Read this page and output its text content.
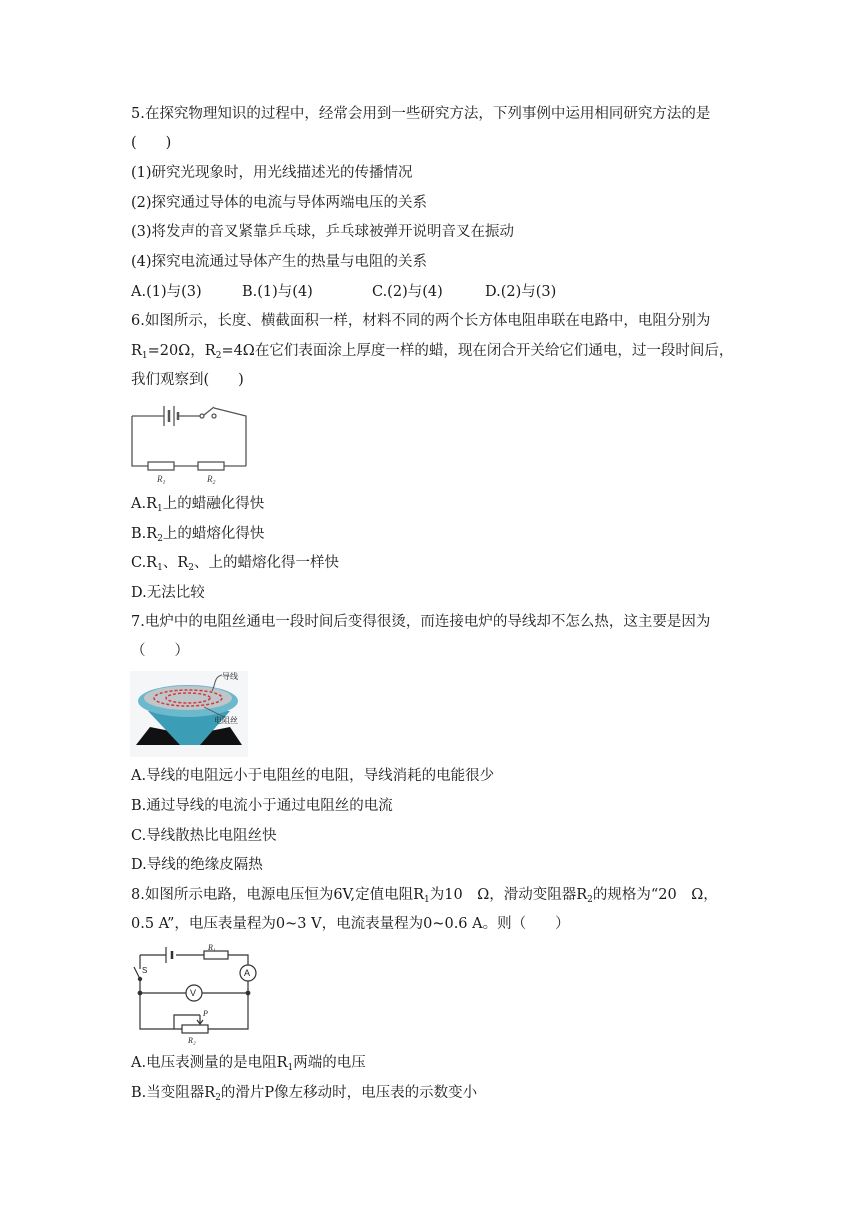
5.在探究物理知识的过程中，经常会用到一些研究方法，下列事例中运用相同研究方法的是
(　　)
(1)研究光现象时，用光线描述光的传播情况
(2)探究通过导体的电流与导体两端电压的关系
(3)将发声的音叉紧靠乒乓球，乒乓球被弹开说明音叉在振动
(4)探究电流通过导体产生的热量与电阻的关系
A.(1)与(3)	B.(1)与(4)	C.(2)与(4)	D.(2)与(3)
6.如图所示，长度、横截面积一样，材料不同的两个长方体电阻串联在电路中，电阻分别为
$R_1=20\Omega$，$R_2=4\Omega$在它们表面涂上厚度一样的蜡，现在闭合开关给它们通电，过一段时间后，
我们观察到(　　)
$R_1$	$R_2$
$A.R_1$上的蜡融化得快
$B.R_2$上的蜡熔化得快
$C.R_1$、$R_2$、上的蜡熔化得一样快
D.无法比较
7.电炉中的电阻丝通电一段时间后变得很烫，而连接电炉的导线却不怎么热，这主要是因为
（　　）
导线
电阻丝
A.导线的电阻远小于电阻丝的电阻，导线消耗的电能很少
B.通过导线的电流小于通过电阻丝的电流
C.导线散热比电阻丝快
D.导线的绝缘皮隔热
8.如图所示电路，电源电压恒为6V,定值电阻$R_1$为10　Ω，滑动变阻器$R_2$的规格为“20　Ω，
0.5 A”，电压表量程为0~3 V，电流表量程为0~0.6 A。则（　　）
S
R₁
A
V
P
R₂
A.电压表测量的是电阻$R_1$两端的电压
B.当变阻器$R_2$的滑片P像左移动时，电压表的示数变小
